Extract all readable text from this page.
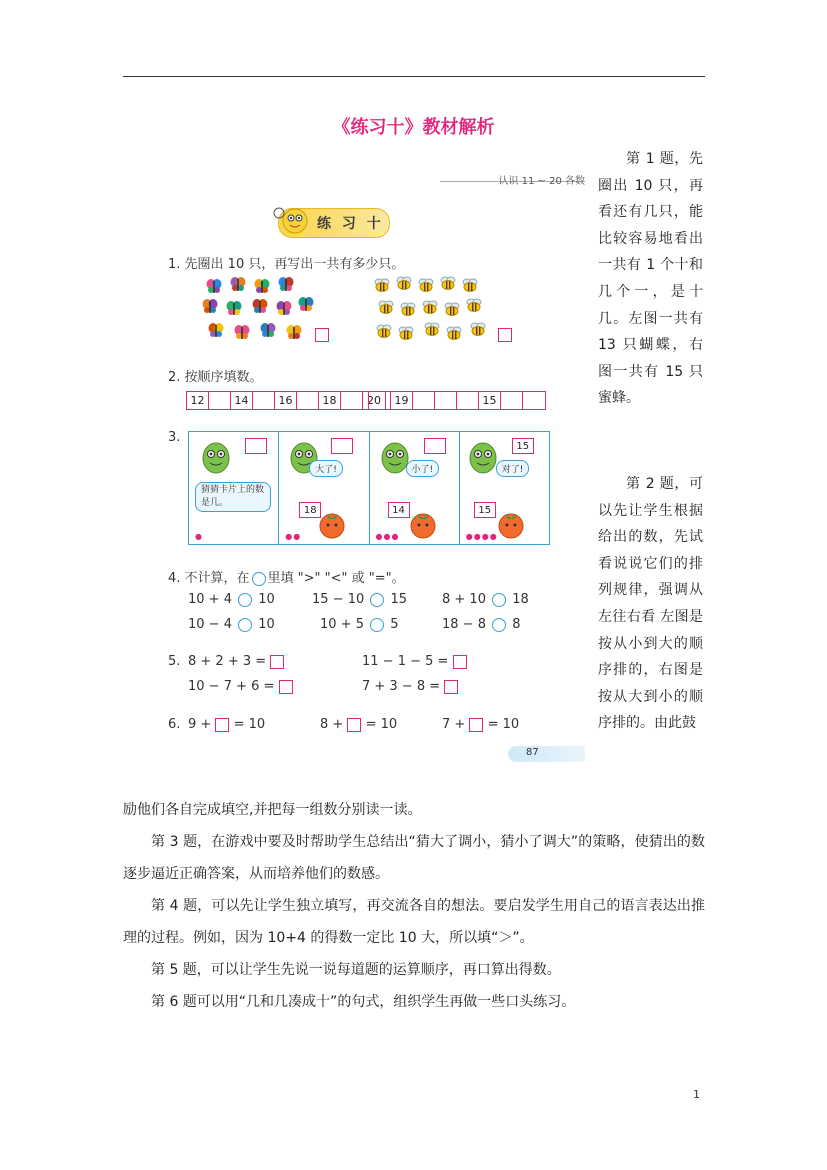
《练习十》教材解析
认识 11 ~ 20 各数
练 习 十
1. 先圈出 10 只，再写出一共有多少只。
2. 按顺序填数。
12	14	16	18	20	19	15
3.
猜猜卡片上的数是几。
●
大了!
18
●●
小了!
14
●●●
15
对了!
15
●●●●
4. 不计算，在 里填 ">" "<" 或 "="。
10 + 4 10	15 − 10 15	8 + 10 18
10 − 4 10	10 + 5 5	18 − 8 8
5. 8 + 2 + 3 =	11 − 1 − 5 =
10 − 7 + 6 =	7 + 3 − 8 =
6. 9 + = 10	8 + = 10	7 + = 10
87

第 1 题，先圈出 10 只，再看还有几只，能比较容易地看出一共有 1 个十和几个一，是十几。左图一共有 13 只蝴蝶，右图一共有 15 只蜜蜂。

第 2 题，可以先让学生根据给出的数，先试看说说它们的排列规律，强调从左往右看 左图是按从小到大的顺序排的，右图是按从大到小的顺序排的。由此鼓

励他们各自完成填空,并把每一组数分别读一读。

第 3 题，在游戏中要及时帮助学生总结出“猜大了调小，猜小了调大”的策略，使猜出的数逐步逼近正确答案，从而培养他们的数感。

第 4 题，可以先让学生独立填写，再交流各自的想法。要启发学生用自己的语言表达出推理的过程。例如，因为 10+4 的得数一定比 10 大，所以填“＞”。

第 5 题，可以让学生先说一说每道题的运算顺序，再口算出得数。

第 6 题可以用“几和几凑成十”的句式，组织学生再做一些口头练习。

1
